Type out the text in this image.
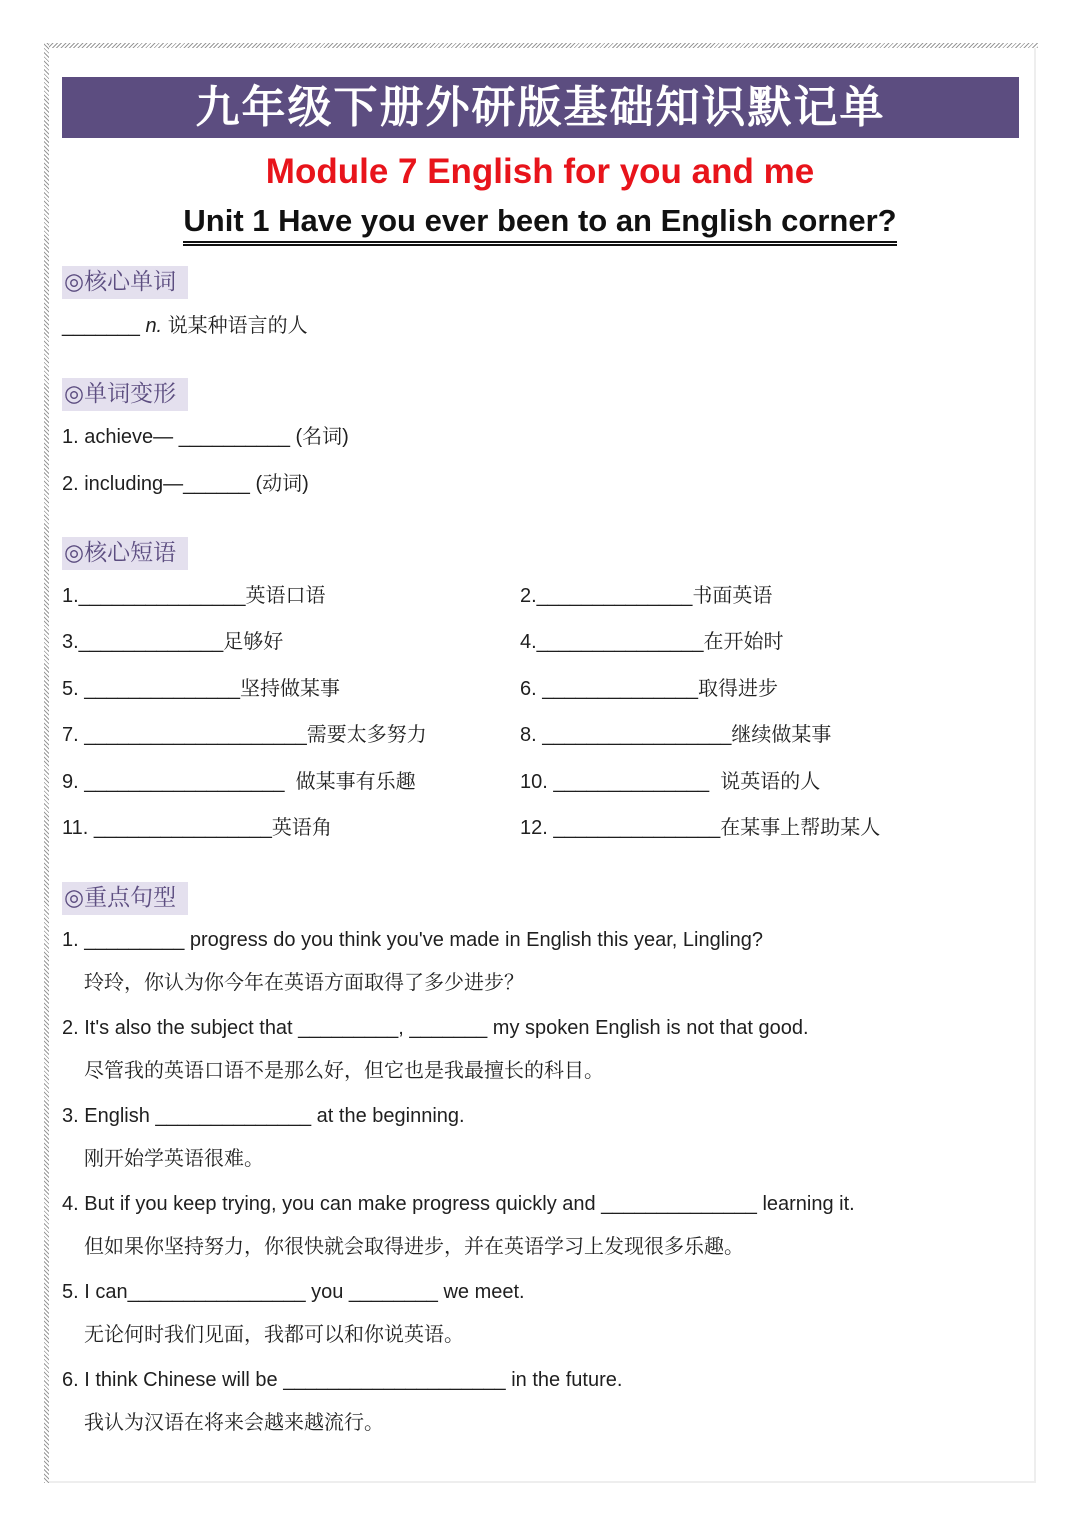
九年级下册外研版基础知识默记单
Module 7 English for you and me
Unit 1 Have you ever been to an English corner?
◎核心单词
_______ n. 说某种语言的人
◎单词变形
1. achieve— __________ (名词)
2. including—______ (动词)
◎核心短语
1._______________英语口语	2.______________书面英语
3._____________足够好	4._______________在开始时
5. ______________坚持做某事	6. ______________取得进步
7. ____________________需要太多努力	8. _________________继续做某事
9. __________________  做某事有乐趣	10. ______________  说英语的人
11. ________________英语角	12. _______________在某事上帮助某人
◎重点句型
1. _________ progress do you think you've made in English this year, Lingling?
玲玲，你认为你今年在英语方面取得了多少进步？
2. It's also the subject that _________, _______ my spoken English is not that good.
尽管我的英语口语不是那么好，但它也是我最擅长的科目。
3. English ______________ at the beginning.
刚开始学英语很难。
4. But if you keep trying, you can make progress quickly and ______________ learning it.
但如果你坚持努力，你很快就会取得进步，并在英语学习上发现很多乐趣。
5. I can________________ you ________ we meet.
无论何时我们见面，我都可以和你说英语。
6. I think Chinese will be ____________________ in the future.
我认为汉语在将来会越来越流行。
